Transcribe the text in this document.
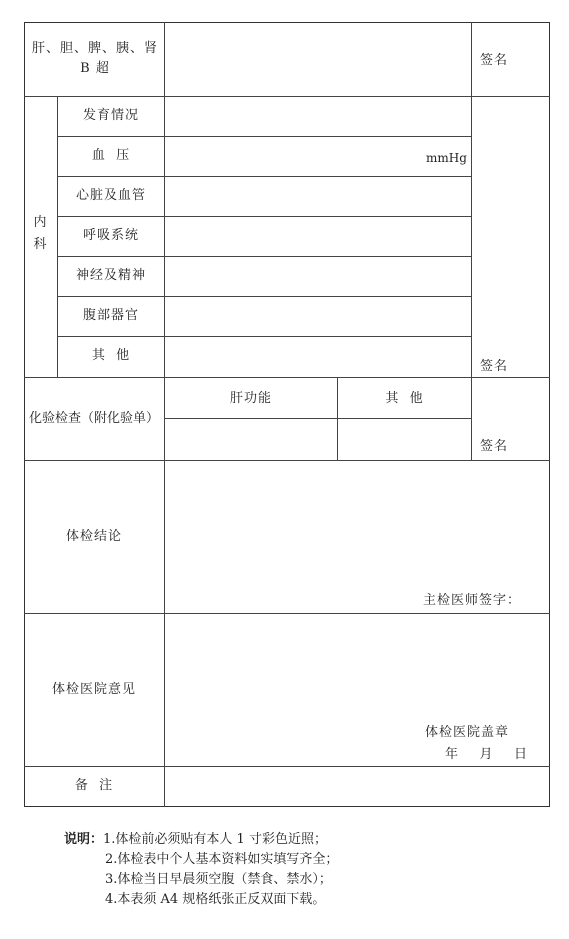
肝、胆、脾、胰、肾
B 超
签名
内科
发育情况
血  压	mmHg
心脏及血管
呼吸系统
神经及精神
腹部器官
其  他
签名
化验检查（附化验单）
肝功能	其  他
签名
体检结论
主检医师签字：
体检医院意见
体检医院盖章
年    月    日
备  注
说明：1.体检前必须贴有本人 1 寸彩色近照；
2.体检表中个人基本资料如实填写齐全；
3.体检当日早晨须空腹（禁食、禁水）；
4.本表须 A4 规格纸张正反双面下载。
